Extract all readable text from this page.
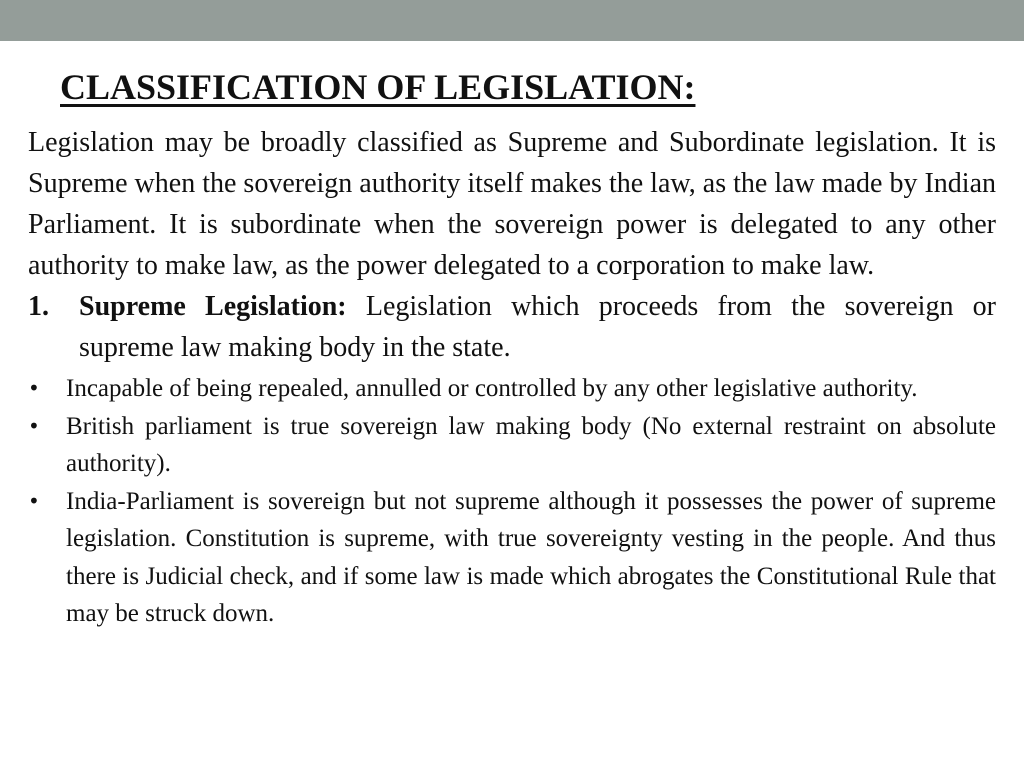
CLASSIFICATION OF LEGISLATION:

Legislation may be broadly classified as Supreme and Subordinate legislation. It is Supreme when the sovereign authority itself makes the law, as the law made by Indian Parliament. It is subordinate when the sovereign power is delegated to any other authority to make law, as the power delegated to a corporation to make law.

1. Supreme Legislation: Legislation which proceeds from the sovereign or supreme law making body in the state.
• Incapable of being repealed, annulled or controlled by any other legislative authority.
• British parliament is true sovereign law making body (No external restraint on absolute authority).
• India-Parliament is sovereign but not supreme although it possesses the power of supreme legislation. Constitution is supreme, with true sovereignty vesting in the people. And thus there is Judicial check, and if some law is made which abrogates the Constitutional Rule that may be struck down.
